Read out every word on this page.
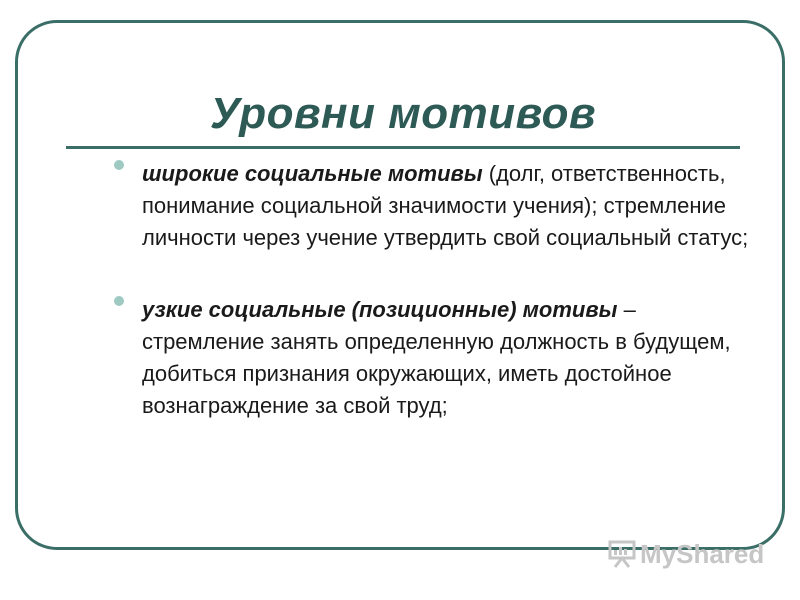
Уровни мотивов
широкие социальные мотивы (долг, ответственность, понимание социальной значимости учения); стремление личности через учение утвердить свой социальный статус;
узкие социальные (позиционные) мотивы – стремление занять определенную должность в будущем, добиться признания окружающих, иметь достойное вознаграждение за свой труд;
MyShared
